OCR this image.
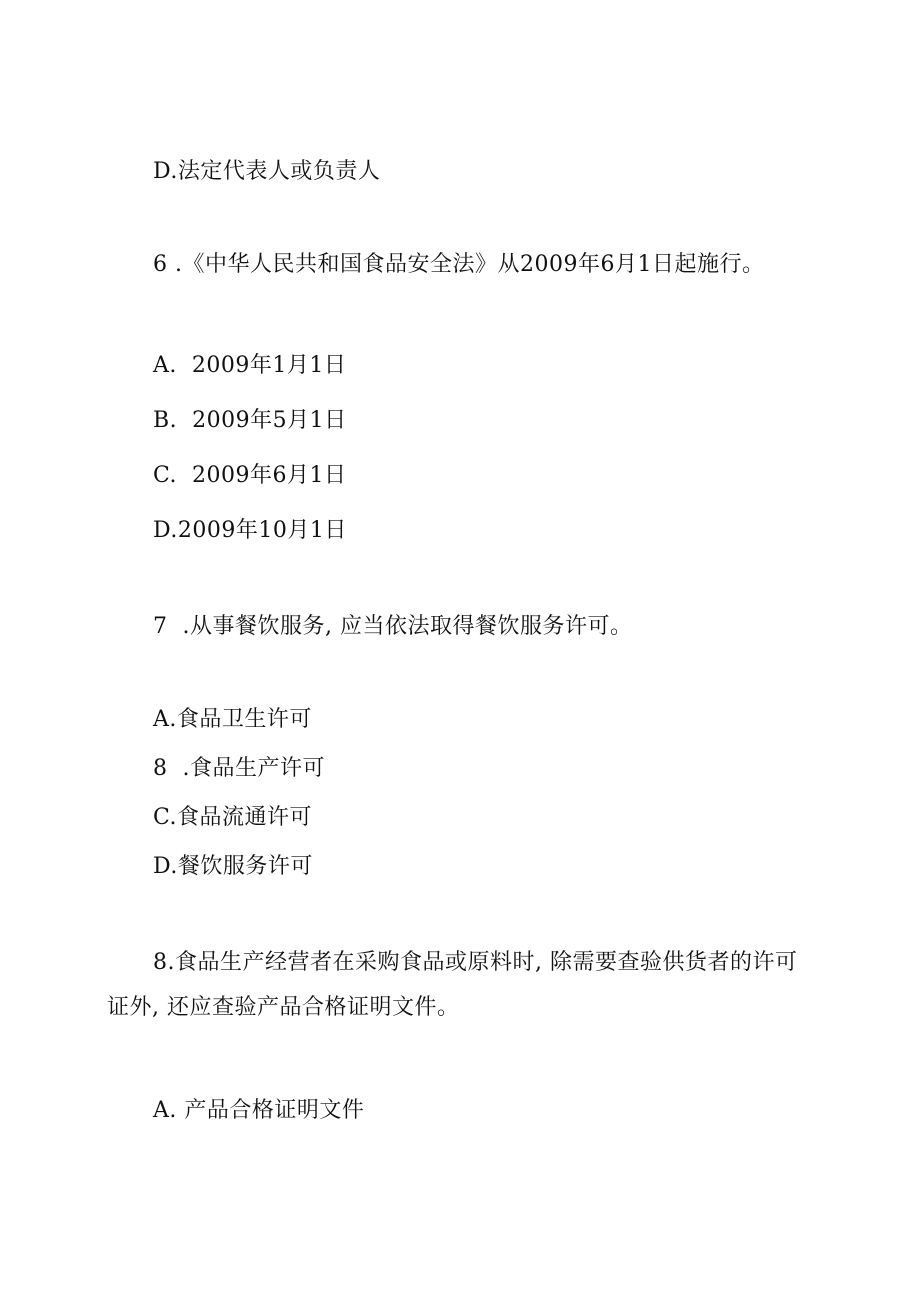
D.法定代表人或负责人
6 .《中华人民共和国食品安全法》从2009年6月1日起施行。
A.  2009年1月1日
B.  2009年5月1日
C.  2009年6月1日
D.2009年10月1日
7  .从事餐饮服务, 应当依法取得餐饮服务许可。
A.食品卫生许可
8  .食品生产许可
C.食品流通许可
D.餐饮服务许可
8.食品生产经营者在采购食品或原料时, 除需要查验供货者的许可证外, 还应查验产品合格证明文件。
A. 产品合格证明文件
